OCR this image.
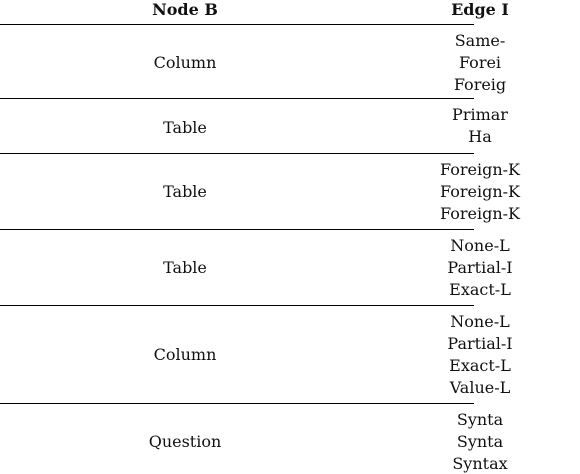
Node B	Edge I
Column
Same-
Forei
Foreig
Table
Primar
Ha
Table
Foreign-K
Foreign-K
Foreign-K
Table
None-L
Partial-I
Exact-L
Column
None-L
Partial-I
Exact-L
Value-L
Question
Synta
Synta
Syntax
